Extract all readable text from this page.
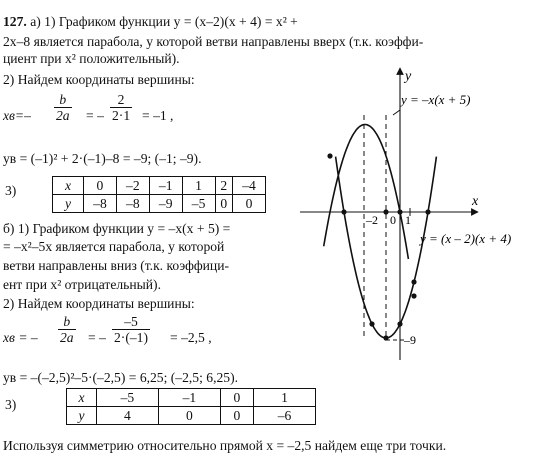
127. а) 1) Графиком функции y = (x–2)(x + 4) = x² +
2x–8 является парабола, у которой ветви направлены вверх (т.к. коэффи-
циент при x² положительный).
2) Найдем координаты вершины:
$xв=- \frac{b}{2a}$ = – $\frac{2}{2\cdot 1} = -1$ ,
yв = (–1)² + 2·(–1)–8 = –9; (–1; –9).
3)	x	0	–2	–1	1	2	–4
y	–8	–8	–9	–5	0	0
б) 1) Графиком функции y = –x(x + 5) =
= –x²–5x является парабола, у которой
ветви направлены вниз (т.к. коэффици-
ент при x² отрицательный).
2) Найдем координаты вершины:
xв = – $\frac{b}{2a}$ = – $\frac{-5}{2\cdot(-1)} = -2,5$ ,
yв = –(–2,5)²–5·(–2,5) = 6,25; (–2,5; 6,25).
3)	x	–5	–1	0	1
y	4	0	0	–6
Используя симметрию относительно прямой x = –2,5 найдем еще три точки.
x
y
–2 0 1
–9
y = –x(x + 5)
y = (x – 2)(x + 4)
